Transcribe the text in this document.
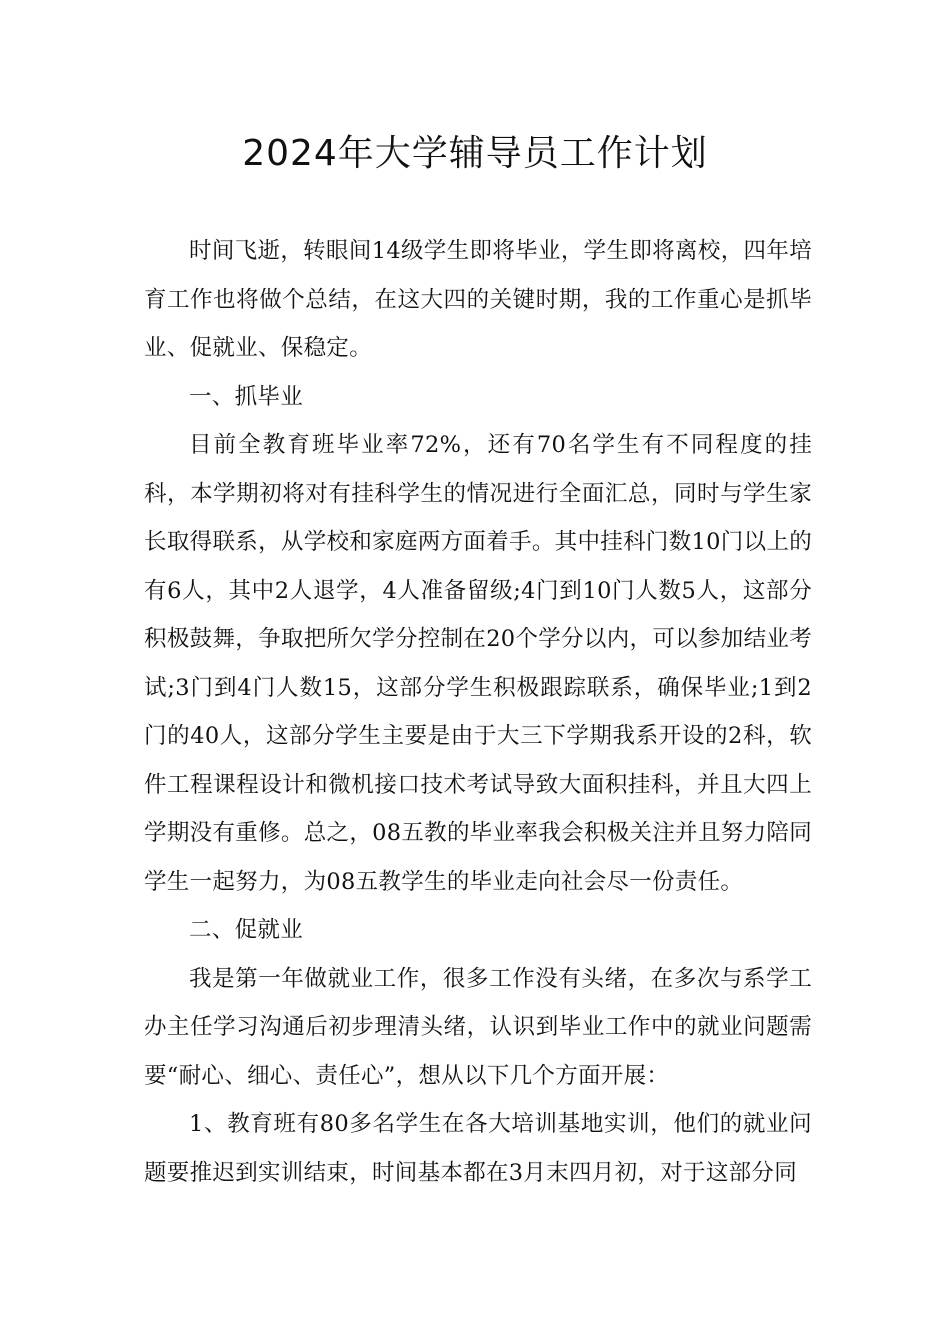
2024年大学辅导员工作计划

时间飞逝，转眼间14级学生即将毕业，学生即将离校，四年培育工作也将做个总结，在这大四的关键时期，我的工作重心是抓毕业、促就业、保稳定。

一、抓毕业

目前全教育班毕业率72%，还有70名学生有不同程度的挂科，本学期初将对有挂科学生的情况进行全面汇总，同时与学生家长取得联系，从学校和家庭两方面着手。其中挂科门数10门以上的有6人，其中2人退学，4人准备留级;4门到10门人数5人，这部分积极鼓舞，争取把所欠学分控制在20个学分以内，可以参加结业考试;3门到4门人数15，这部分学生积极跟踪联系，确保毕业;1到2门的40人，这部分学生主要是由于大三下学期我系开设的2科，软件工程课程设计和微机接口技术考试导致大面积挂科，并且大四上学期没有重修。总之，08五教的毕业率我会积极关注并且努力陪同学生一起努力，为08五教学生的毕业走向社会尽一份责任。

二、促就业

我是第一年做就业工作，很多工作没有头绪，在多次与系学工办主任学习沟通后初步理清头绪，认识到毕业工作中的就业问题需要“耐心、细心、责任心”，想从以下几个方面开展：

1、教育班有80多名学生在各大培训基地实训，他们的就业问题要推迟到实训结束，时间基本都在3月末四月初，对于这部分同
